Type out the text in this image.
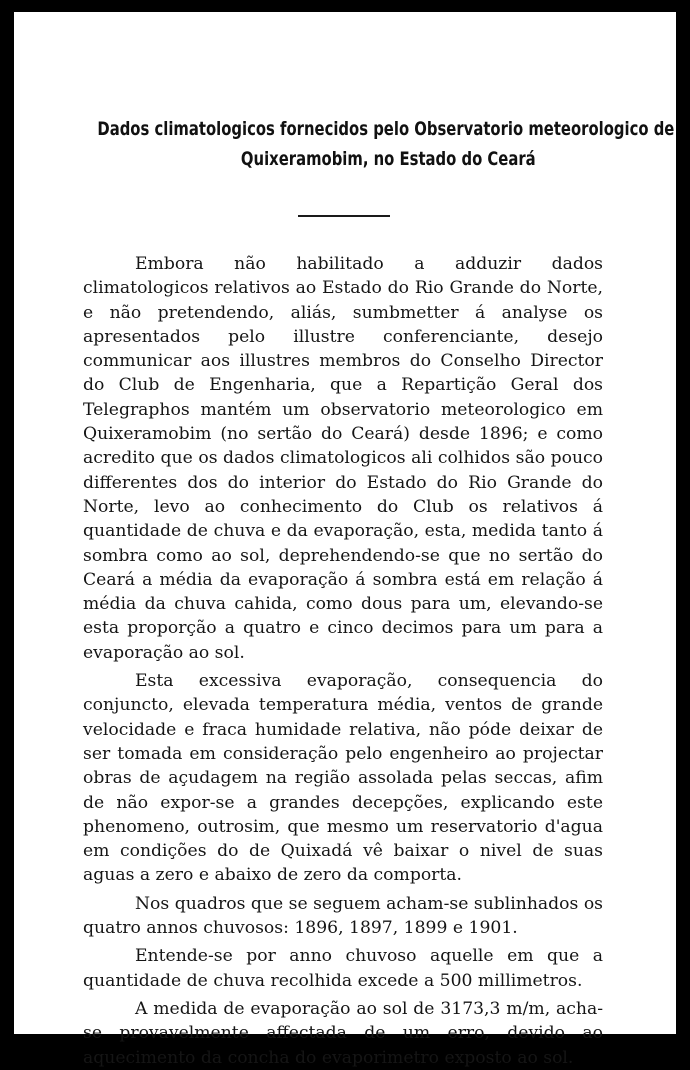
Dados climatologicos fornecidos pelo Observatorio meteorologico de
Quixeramobim, no Estado do Ceará

Embora não habilitado a adduzir dados climatologicos relativos ao Estado do Rio Grande do Norte, e não pretendendo, aliás, sumbmetter á analyse os apresentados pelo illustre conferenciante, desejo communicar aos illustres membros do Conselho Director do Club de Engenharia, que a Repartição Geral dos Telegraphos mantém um observatorio meteorologico em Quixeramobim (no sertão do Ceará) desde 1896; e como acredito que os dados climatologicos ali colhidos são pouco differentes dos do interior do Estado do Rio Grande do Norte, levo ao conhecimento do Club os relativos á quantidade de chuva e da evaporação, esta, medida tanto á sombra como ao sol, deprehendendo-se que no sertão do Ceará a média da evaporação á sombra está em relação á média da chuva cahida, como dous para um, elevando-se esta proporção a quatro e cinco decimos para um para a evaporação ao sol.

Esta excessiva evaporação, consequencia do conjuncto, elevada temperatura média, ventos de grande velocidade e fraca humidade relativa, não póde deixar de ser tomada em consideração pelo engenheiro ao projectar obras de açudagem na região assolada pelas seccas, afim de não expor-se a grandes decepções, explicando este phenomeno, outrosim, que mesmo um reservatorio d'agua em condições do de Quixadá vê baixar o nivel de suas aguas a zero e abaixo de zero da comporta.

Nos quadros que se seguem acham-se sublinhados os quatro annos chuvosos: 1896, 1897, 1899 e 1901.

Entende-se por anno chuvoso aquelle em que a quantidade de chuva recolhida excede a 500 millimetros.

A medida de evaporação ao sol de 3173,3 m/m, acha-se provavelmente affectada de um erro, devido ao aquecimento da concha do evaporimetro exposto ao sol.
